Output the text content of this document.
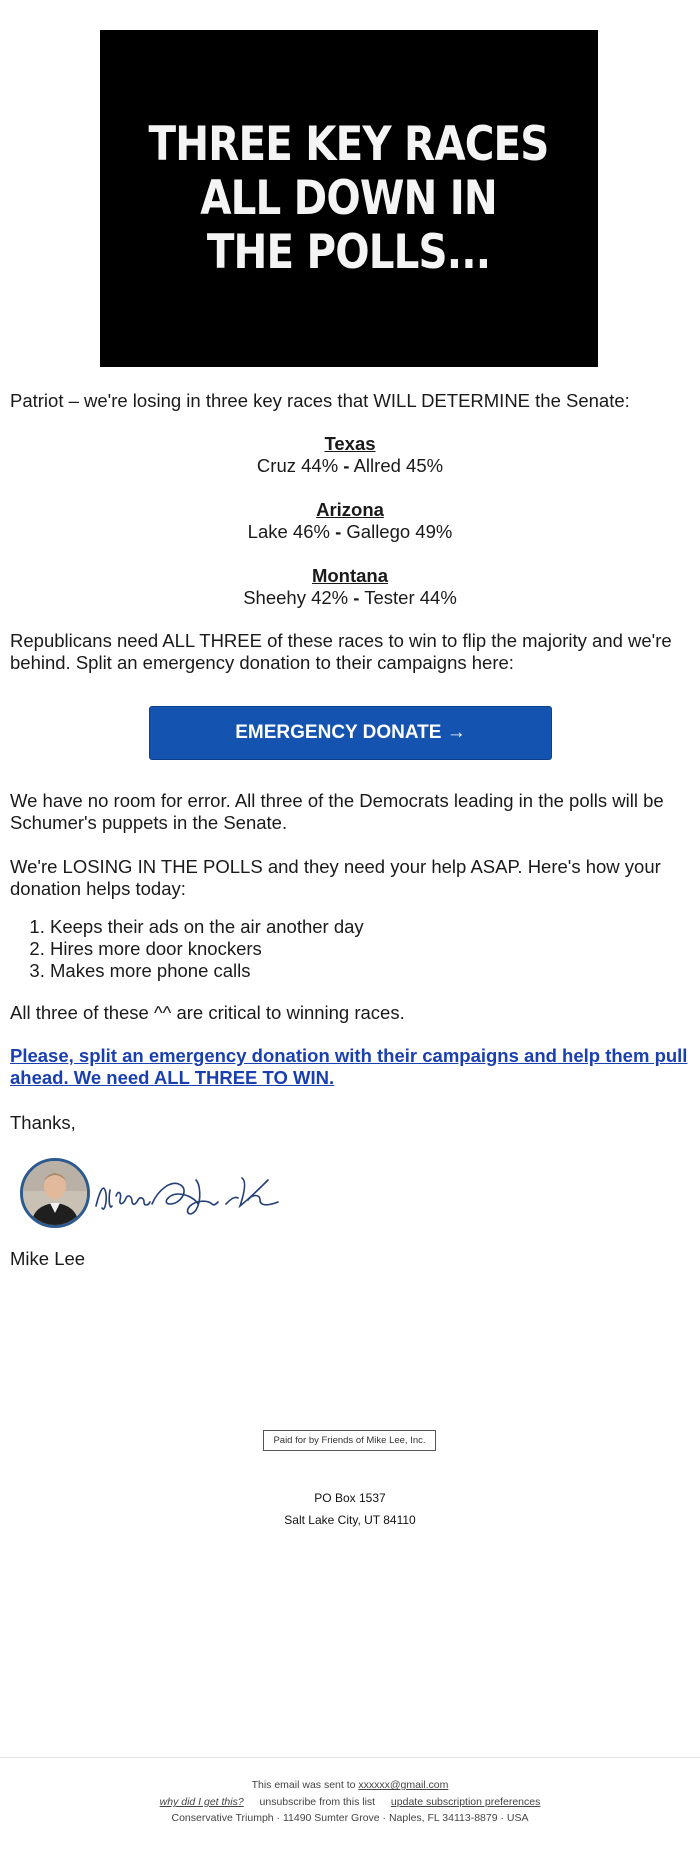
THREE KEY RACES
ALL DOWN IN
THE POLLS...
Patriot – we're losing in three key races that WILL DETERMINE the Senate:
Texas
Cruz 44% - Allred 45%
Arizona
Lake 46% - Gallego 49%
Montana
Sheehy 42% - Tester 44%
Republicans need ALL THREE of these races to win to flip the majority and we're behind. Split an emergency donation to their campaigns here:
EMERGENCY DONATE →
We have no room for error. All three of the Democrats leading in the polls will be Schumer's puppets in the Senate.
We're LOSING IN THE POLLS and they need your help ASAP. Here's how your donation helps today:
1. Keeps their ads on the air another day
2. Hires more door knockers
3. Makes more phone calls
All three of these ^^ are critical to winning races.
Please, split an emergency donation with their campaigns and help them pull ahead. We need ALL THREE TO WIN.
Thanks,
Mike Lee
Paid for by Friends of Mike Lee, Inc.
PO Box 1537
Salt Lake City, UT 84110
This email was sent to xxxxxx@gmail.com
why did I get this? unsubscribe from this list update subscription preferences
Conservative Triumph · 11490 Sumter Grove · Naples, FL 34113-8879 · USA
